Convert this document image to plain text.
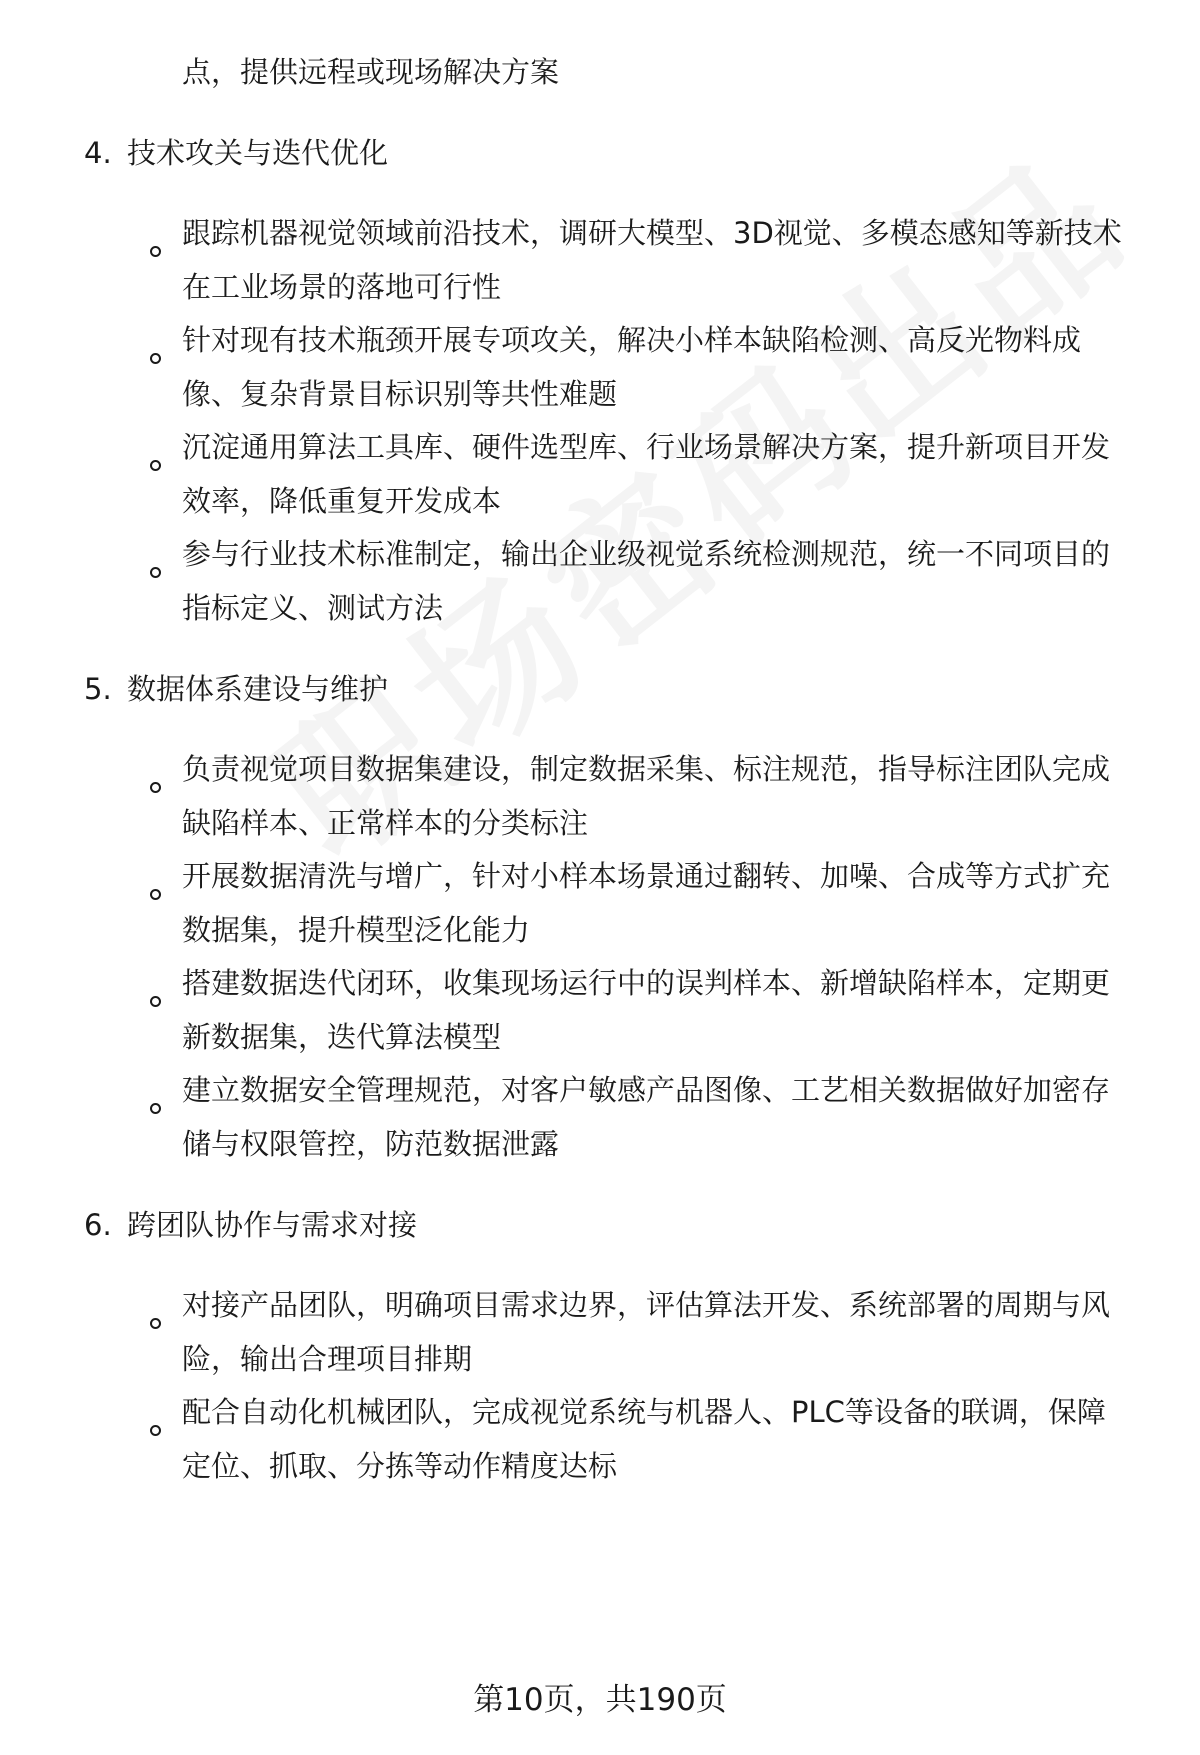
点，提供远程或现场解决方案
4. 技术攻关与迭代优化
跟踪机器视觉领域前沿技术，调研大模型、3D视觉、多模态感知等新技术
在工业场景的落地可行性
针对现有技术瓶颈开展专项攻关，解决小样本缺陷检测、高反光物料成
像、复杂背景目标识别等共性难题
沉淀通用算法工具库、硬件选型库、行业场景解决方案，提升新项目开发
效率，降低重复开发成本
参与行业技术标准制定，输出企业级视觉系统检测规范，统一不同项目的
指标定义、测试方法
5. 数据体系建设与维护
负责视觉项目数据集建设，制定数据采集、标注规范，指导标注团队完成
缺陷样本、正常样本的分类标注
开展数据清洗与增广，针对小样本场景通过翻转、加噪、合成等方式扩充
数据集，提升模型泛化能力
搭建数据迭代闭环，收集现场运行中的误判样本、新增缺陷样本，定期更
新数据集，迭代算法模型
建立数据安全管理规范，对客户敏感产品图像、工艺相关数据做好加密存
储与权限管控，防范数据泄露
6. 跨团队协作与需求对接
对接产品团队，明确项目需求边界，评估算法开发、系统部署的周期与风
险，输出合理项目排期
配合自动化机械团队，完成视觉系统与机器人、PLC等设备的联调，保障
定位、抓取、分拣等动作精度达标
第10页，共190页
